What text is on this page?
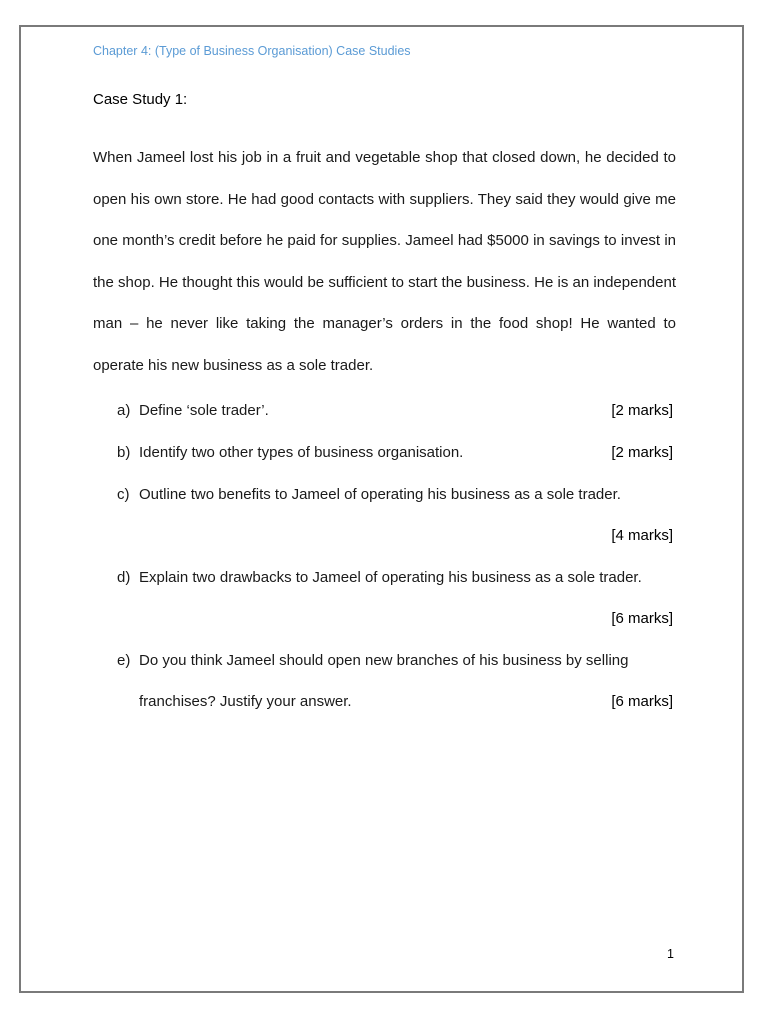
Chapter 4: (Type of Business Organisation) Case Studies
Case Study 1:
When Jameel lost his job in a fruit and vegetable shop that closed down, he decided to open his own store. He had good contacts with suppliers. They said they would give me one month’s credit before he paid for supplies. Jameel had $5000 in savings to invest in the shop. He thought this would be sufficient to start the business. He is an independent man – he never like taking the manager’s orders in the food shop! He wanted to operate his new business as a sole trader.
a) Define ‘sole trader’.	[2 marks]
b) Identify two other types of business organisation.	[2 marks]
c) Outline two benefits to Jameel of operating his business as a sole trader.
[4 marks]
d) Explain two drawbacks to Jameel of operating his business as a sole trader.
[6 marks]
e) Do you think Jameel should open new branches of his business by selling
franchises? Justify your answer.	[6 marks]
1
